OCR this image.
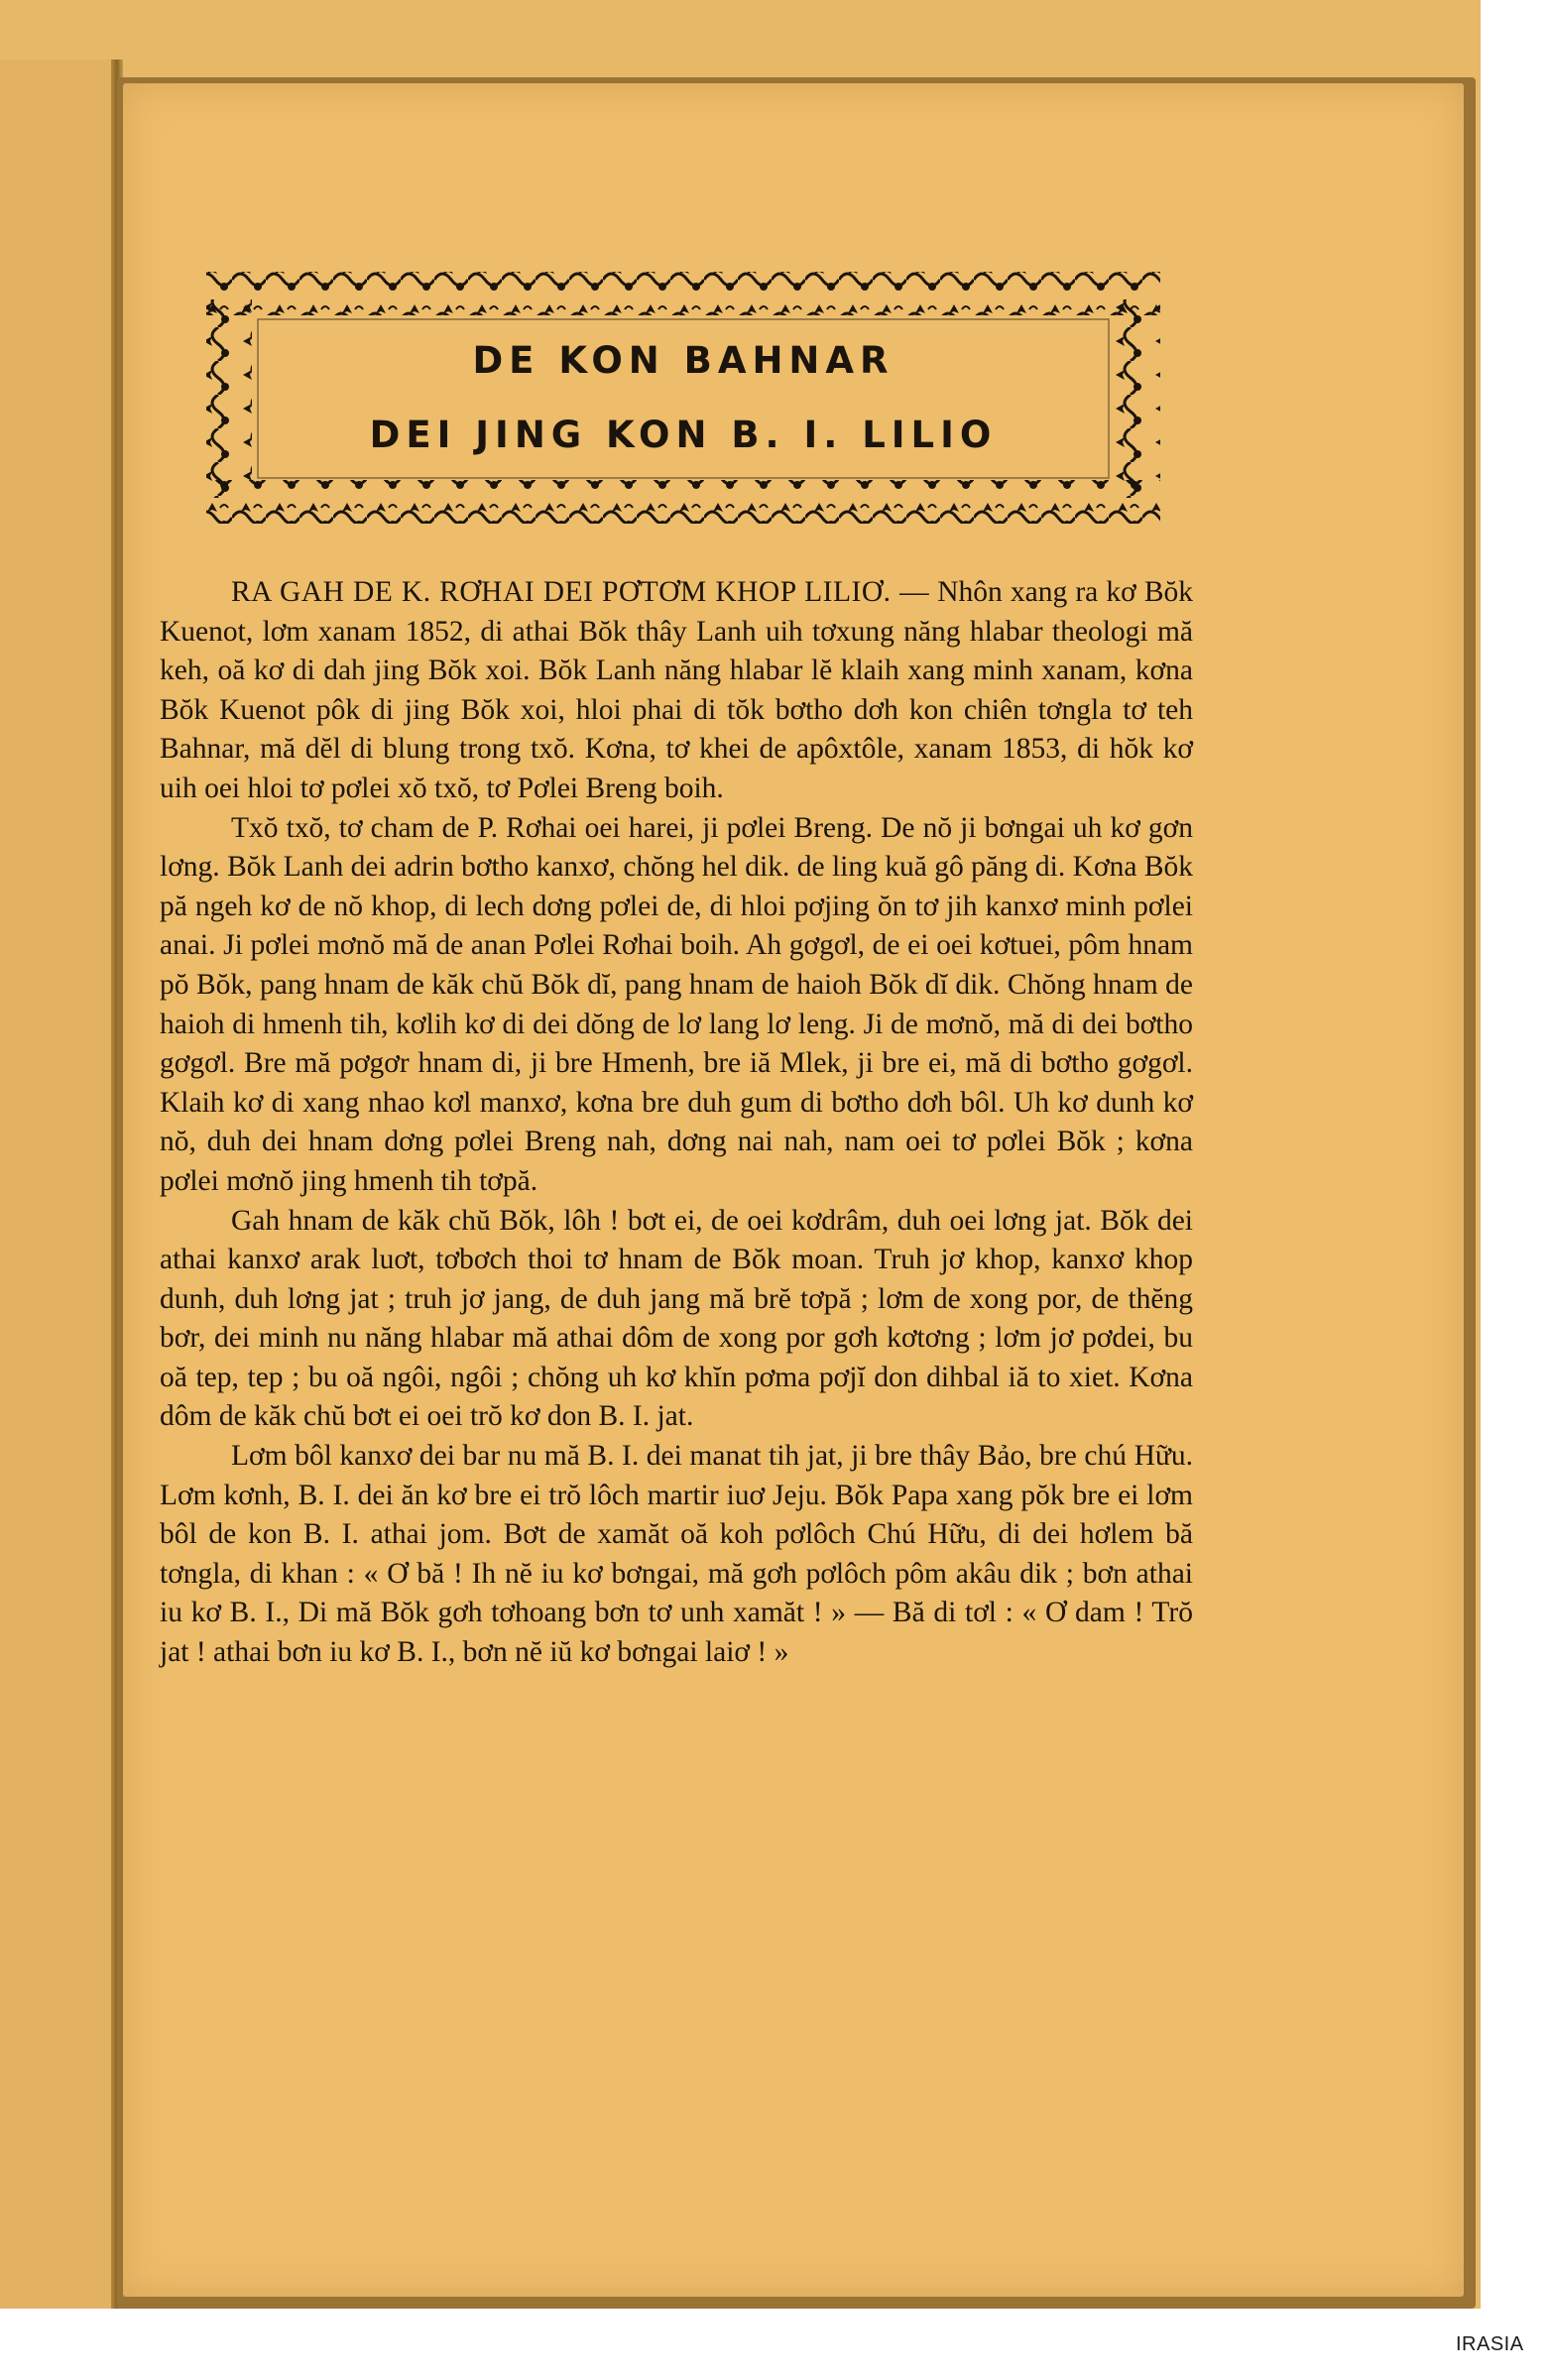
DE KON BAHNAR
DEI JING KON B. I. LILIO

RA GAH DE K. RƠHAI DEI PƠTƠM KHOP LILIƠ. — Nhôn xang ra kơ Bŏk Kuenot, lơm xanam 1852, di athai Bŏk thây Lanh uih tơxung năng hlabar theologi mă keh, oă kơ di dah jing Bŏk xoi. Bŏk Lanh năng hlabar lĕ klaih xang minh xanam, kơna Bŏk Kuenot pôk di jing Bŏk xoi, hloi phai di tŏk bơtho dơh kon chiên tơngla tơ teh Bahnar, mă dĕl di blung trong txŏ. Kơna, tơ khei de apôxtôle, xanam 1853, di hŏk kơ uih oei hloi tơ pơlei xŏ txŏ, tơ Pơlei Breng boih.

Txŏ txŏ, tơ cham de P. Rơhai oei harei, ji pơlei Breng. De nŏ ji bơngai uh kơ gơn lơng. Bŏk Lanh dei adrin bơtho kanxơ, chŏng hel dik. de ling kuă gô păng di. Kơna Bŏk pă ngeh kơ de nŏ khop, di lech dơng pơlei de, di hloi pơjing ŏn tơ jih kanxơ minh pơlei anai. Ji pơlei mơnŏ mă de anan Pơlei Rơhai boih. Ah gơgơl, de ei oei kơtuei, pôm hnam pŏ Bŏk, pang hnam de kăk chŭ Bŏk dĭ, pang hnam de haioh Bŏk dĭ dik. Chŏng hnam de haioh di hmenh tih, kơlih kơ di dei dŏng de lơ lang lơ leng. Ji de mơnŏ, mă di dei bơtho gơgơl. Bre mă pơgơr hnam di, ji bre Hmenh, bre iă Mlek, ji bre ei, mă di bơtho gơgơl. Klaih kơ di xang nhao kơl manxơ, kơna bre duh gum di bơtho dơh bôl. Uh kơ dunh kơ nŏ, duh dei hnam dơng pơlei Breng nah, dơng nai nah, nam oei tơ pơlei Bŏk ; kơna pơlei mơnŏ jing hmenh tih tơpă.

Gah hnam de kăk chŭ Bŏk, lôh ! bơt ei, de oei kơdrâm, duh oei lơng jat. Bŏk dei athai kanxơ arak luơt, tơbơch thoi tơ hnam de Bŏk moan. Truh jơ khop, kanxơ khop dunh, duh lơng jat ; truh jơ jang, de duh jang mă brĕ tơpă ; lơm de xong por, de thĕng bơr, dei minh nu năng hlabar mă athai dôm de xong por gơh kơtơng ; lơm jơ pơdei, bu oă tep, tep ; bu oă ngôi, ngôi ; chŏng uh kơ khĭn pơma pơjĭ don dihbal iă to xiet. Kơna dôm de kăk chŭ bơt ei oei trŏ kơ don B. I. jat.

Lơm bôl kanxơ dei bar nu mă B. I. dei manat tih jat, ji bre thây Bảo, bre chú Hữu. Lơm kơnh, B. I. dei ăn kơ bre ei trŏ lôch martir iuơ Jeju. Bŏk Papa xang pŏk bre ei lơm bôl de kon B. I. athai jom. Bơt de xamăt oă koh pơlôch Chú Hữu, di dei hơlem bă tơngla, di khan : « Ơ bă ! Ih nĕ iu kơ bơngai, mă gơh pơlôch pôm akâu dik ; bơn athai iu kơ B. I., Di mă Bŏk gơh tơhoang bơn tơ unh xamăt ! » — Bă di tơl : « Ơ dam ! Trŏ jat ! athai bơn iu kơ B. I., bơn nĕ iŭ kơ bơngai laiơ ! »

IRASIA
